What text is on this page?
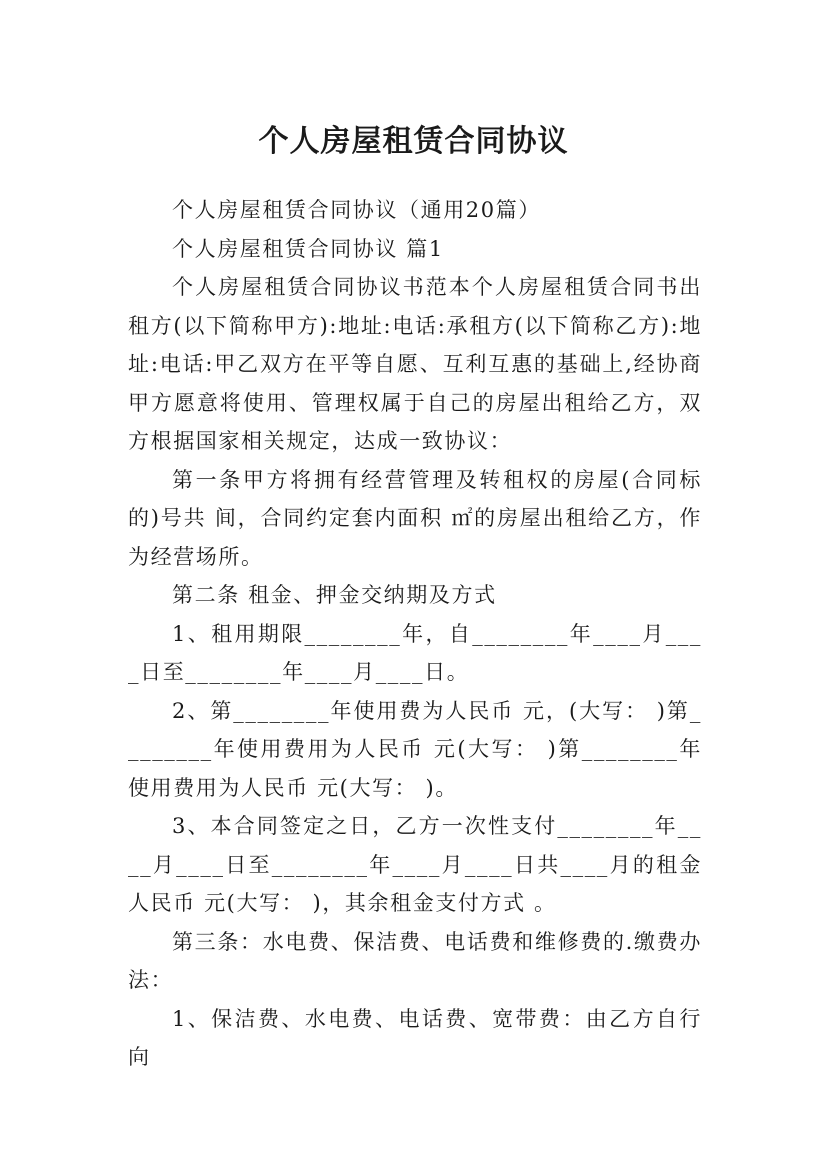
个人房屋租赁合同协议

个人房屋租赁合同协议（通用20篇）

个人房屋租赁合同协议 篇1

个人房屋租赁合同协议书范本个人房屋租赁合同书出租方(以下简称甲方):地址:电话:承租方(以下简称乙方):地址:电话:甲乙双方在平等自愿、互利互惠的基础上,经协商甲方愿意将使用、管理权属于自己的房屋出租给乙方，双方根据国家相关规定，达成一致协议：

第一条甲方将拥有经营管理及转租权的房屋(合同标的)号共 间，合同约定套内面积 ㎡的房屋出租给乙方，作为经营场所。

第二条 租金、押金交纳期及方式

1、租用期限________年，自________年____月____日至________年____月____日。

2、第________年使用费为人民币 元，(大写： )第________年使用费用为人民币 元(大写： )第________年使用费用为人民币 元(大写： )。

3、本合同签定之日，乙方一次性支付________年____月____日至________年____月____日共____月的租金人民币 元(大写： )，其余租金支付方式 。

第三条：水电费、保洁费、电话费和维修费的.缴费办法：

1、保洁费、水电费、电话费、宽带费：由乙方自行向
